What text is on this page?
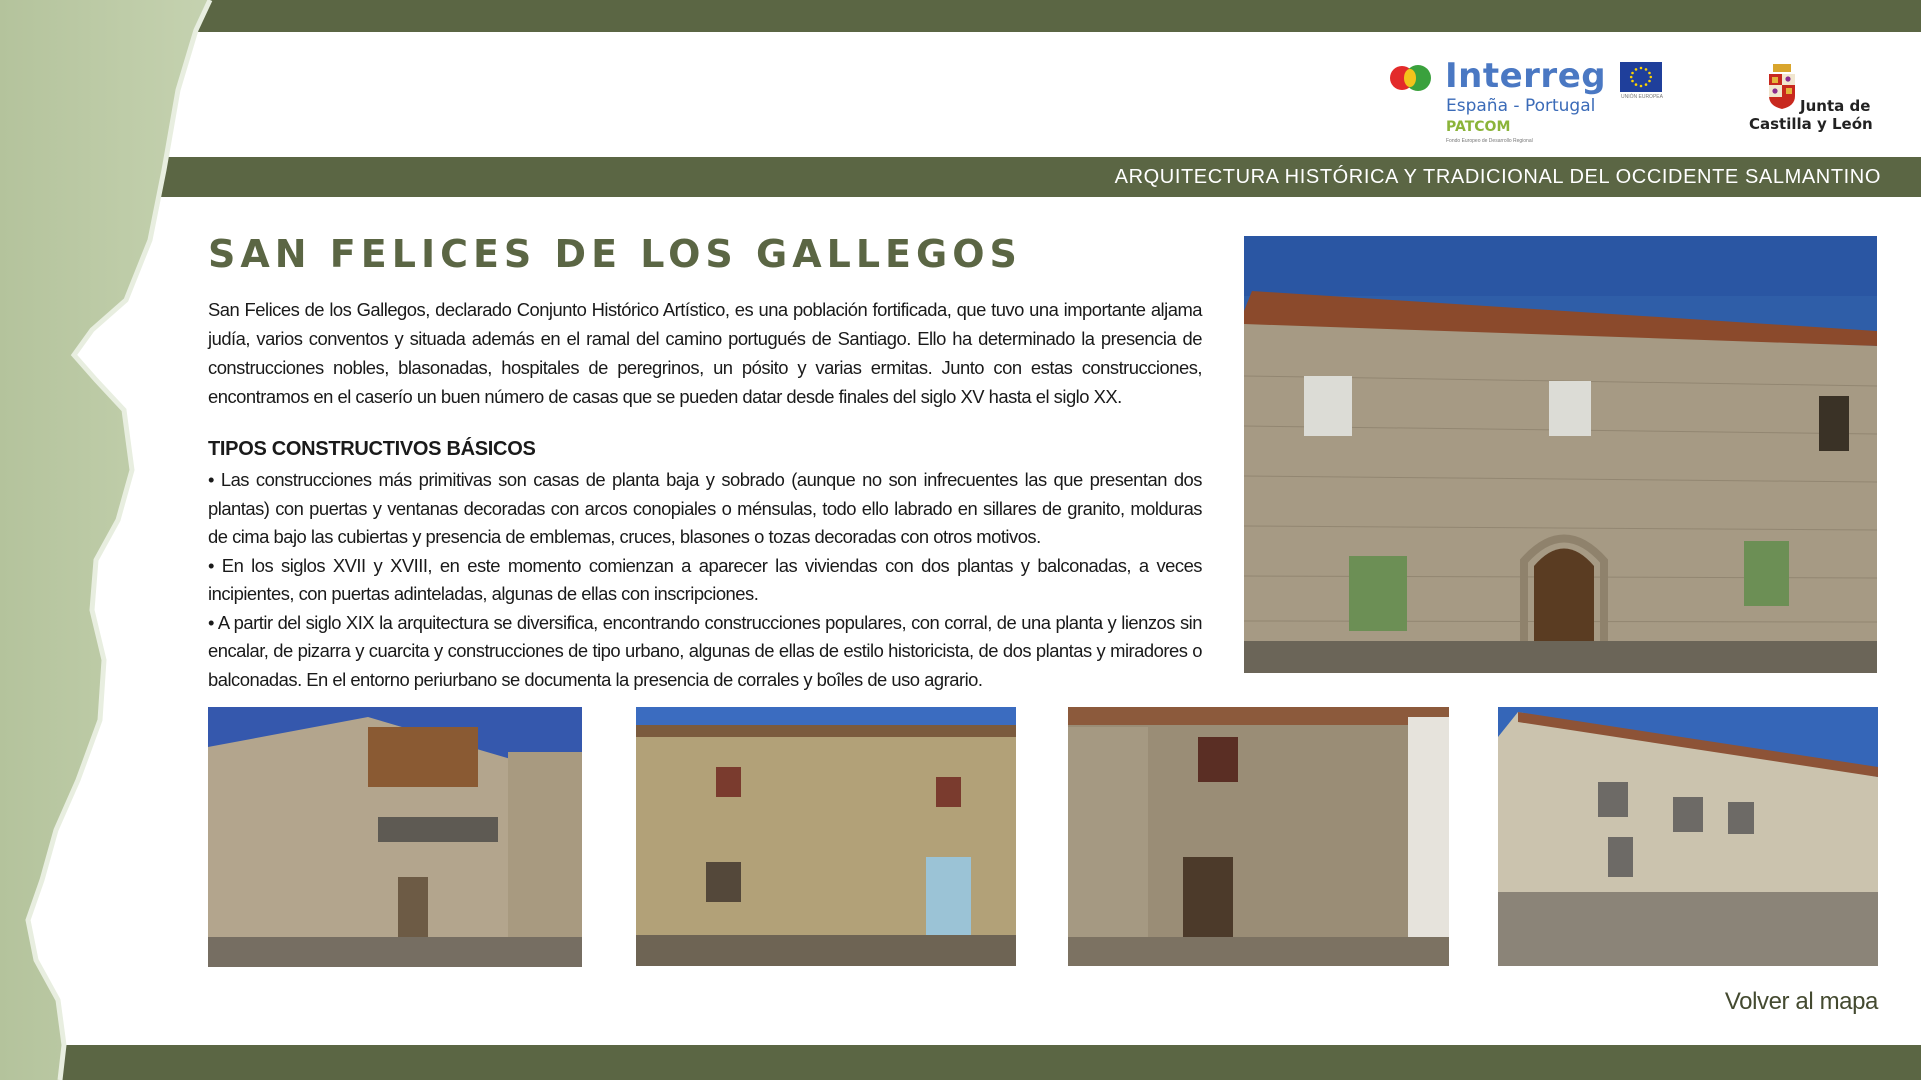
Interreg
UNIÓN EUROPEA
España - Portugal
PATCOM
Fondo Europeo de Desarrollo Regional
Junta de
Castilla y León
ARQUITECTURA HISTÓRICA Y TRADICIONAL DEL OCCIDENTE SALMANTINO
SAN FELICES DE LOS GALLEGOS
San Felices de los Gallegos, declarado Conjunto Histórico Artístico, es una población fortificada, que tuvo una importante aljama judía, varios conventos y situada además en el ramal del camino portugués de Santiago. Ello ha determinado la presencia de construcciones nobles, blasonadas, hospitales de peregrinos, un pósito y varias ermitas. Junto con estas construcciones, encontramos en el caserío un buen número de casas que se pueden datar desde finales del siglo XV hasta el siglo XX.
TIPOS CONSTRUCTIVOS BÁSICOS

• Las construcciones más primitivas son casas de planta baja y sobrado (aunque no son infrecuentes las que presentan dos plantas) con puertas y ventanas decoradas con arcos conopiales o ménsulas, todo ello labrado en sillares de granito, molduras de cima bajo las cubiertas y presencia de emblemas, cruces, blasones o tozas decoradas con otros motivos.

• En los siglos XVII y XVIII, en este momento comienzan a aparecer las viviendas con dos plantas y balconadas, a veces incipientes, con puertas adinteladas, algunas de ellas con inscripciones.

• A partir del siglo XIX la arquitectura se diversifica, encontrando construcciones populares, con corral, de una planta y lienzos sin encalar, de pizarra y cuarcita y construcciones de tipo urbano, algunas de ellas de estilo historicista, de dos plantas y miradores o balconadas. En el entorno periurbano se documenta la presencia de corrales y boîles de uso agrario.

Volver al mapa
